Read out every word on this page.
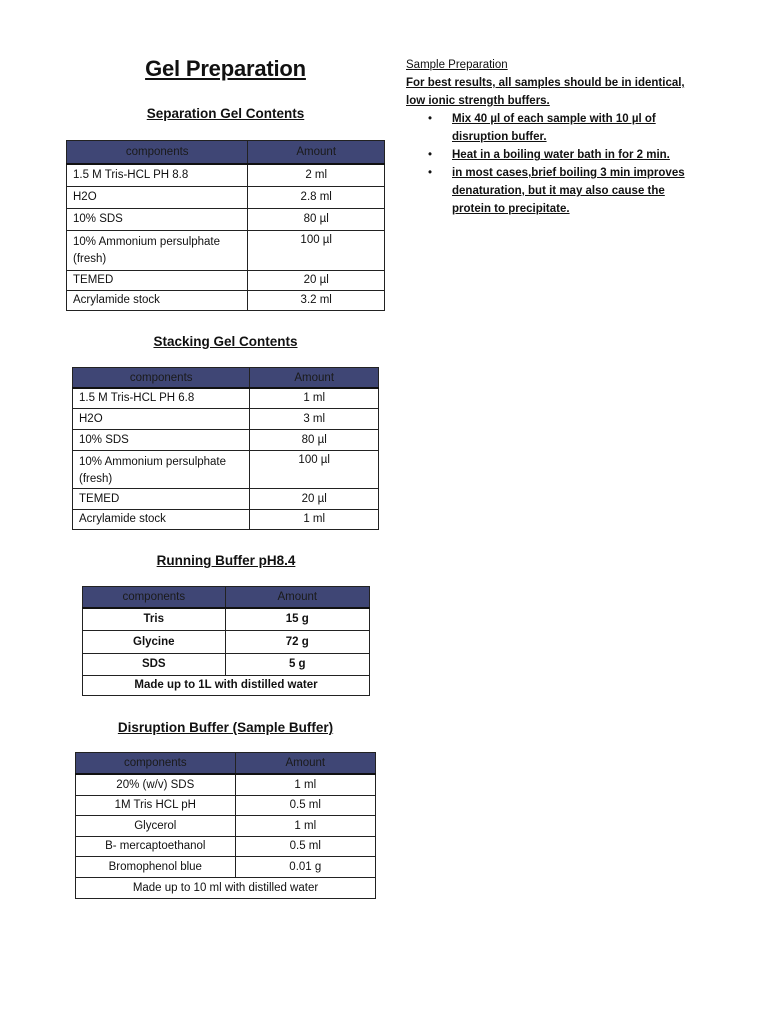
Gel Preparation
Separation Gel Contents
components	Amount
1.5 M Tris-HCL PH 8.8	2 ml
H2O	2.8 ml
10% SDS	80 µl
10% Ammonium persulphate (fresh)	100 µl
TEMED	20 µl
Acrylamide stock	3.2 ml
Stacking Gel Contents
components	Amount
1.5 M Tris-HCL PH 6.8	1 ml
H2O	3 ml
10% SDS	80 µl
10% Ammonium persulphate (fresh)	100 µl
TEMED	20 µl
Acrylamide stock	1 ml
Running Buffer pH8.4
components	Amount
Tris	15 g
Glycine	72 g
SDS	5 g
Made up to 1L with distilled water	
Disruption Buffer (Sample Buffer)
components	Amount
20% (w/v) SDS	1 ml
1M Tris HCL pH	0.5 ml
Glycerol	1 ml
B- mercaptoethanol	0.5 ml
Bromophenol blue	0.01 g
Made up to 10 ml with distilled water	
Sample Preparation
For best results, all samples should be in identical, low ionic strength buffers.
• Mix 40 µl of each sample with 10 µl of disruption buffer.
• Heat in a boiling water bath in for 2 min.
• in most cases,brief boiling 3 min improves denaturation, but it may also cause the protein to precipitate.
